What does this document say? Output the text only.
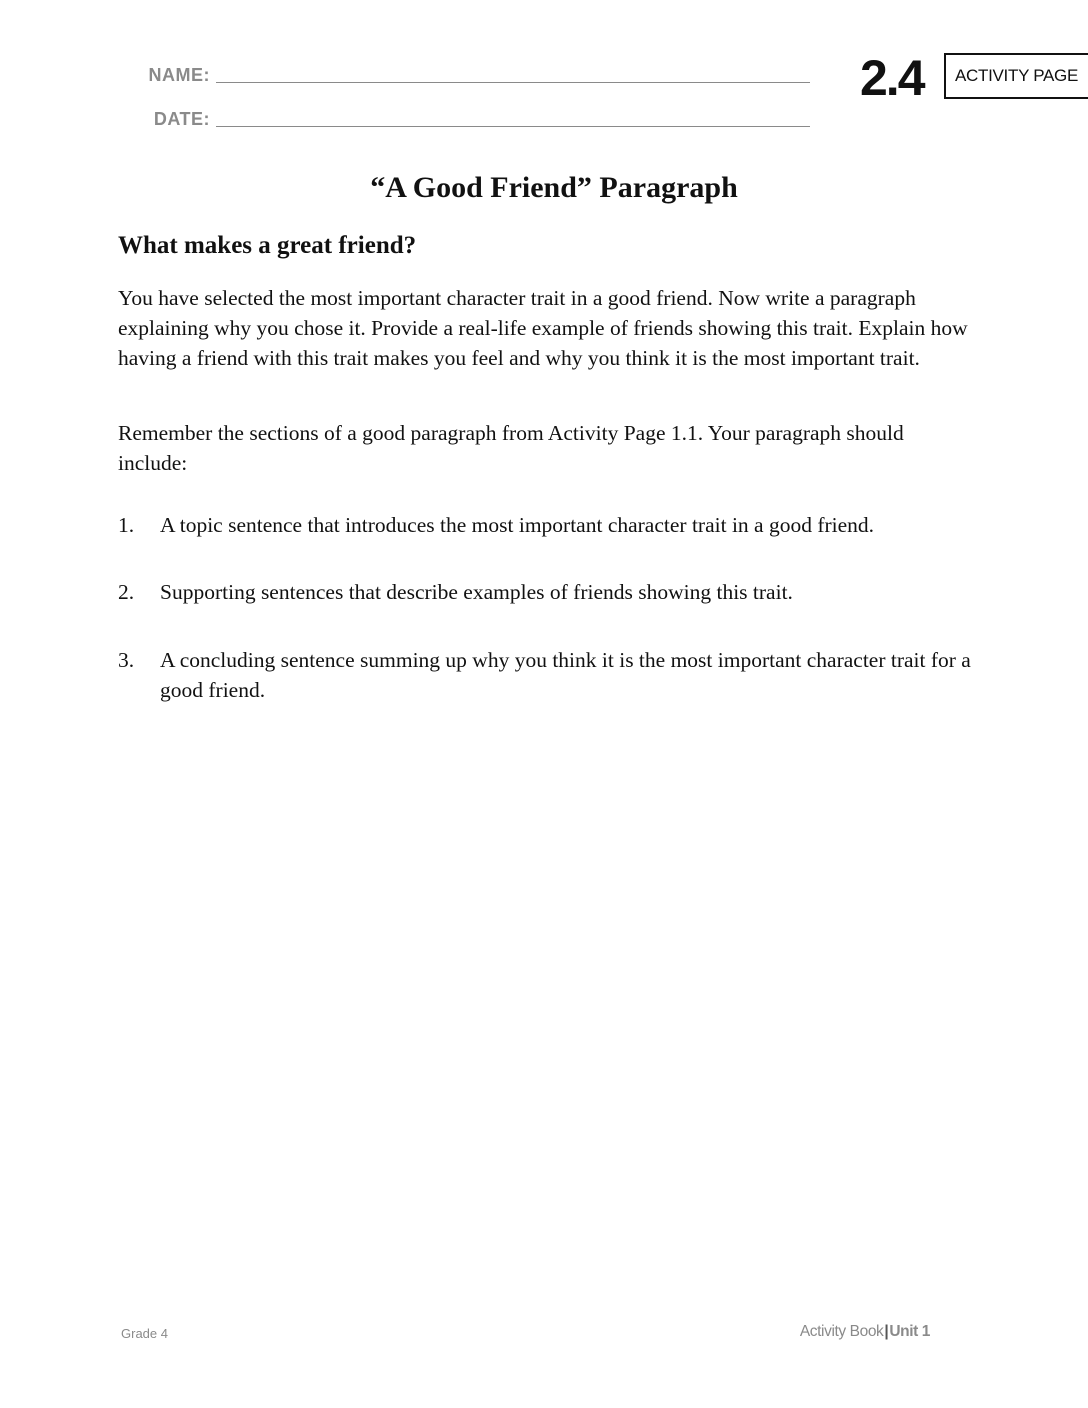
NAME:
DATE:
2.4 ACTIVITY PAGE
“A Good Friend” Paragraph
What makes a great friend?

You have selected the most important character trait in a good friend. Now write a paragraph explaining why you chose it. Provide a real-life example of friends showing this trait. Explain how having a friend with this trait makes you feel and why you think it is the most important trait.

Remember the sections of a good paragraph from Activity Page 1.1. Your paragraph should include:

1.	A topic sentence that introduces the most important character trait in a good friend.
2.	Supporting sentences that describe examples of friends showing this trait.
3.	A concluding sentence summing up why you think it is the most important character trait for a good friend.
Grade 4	Activity Book|Unit 1
